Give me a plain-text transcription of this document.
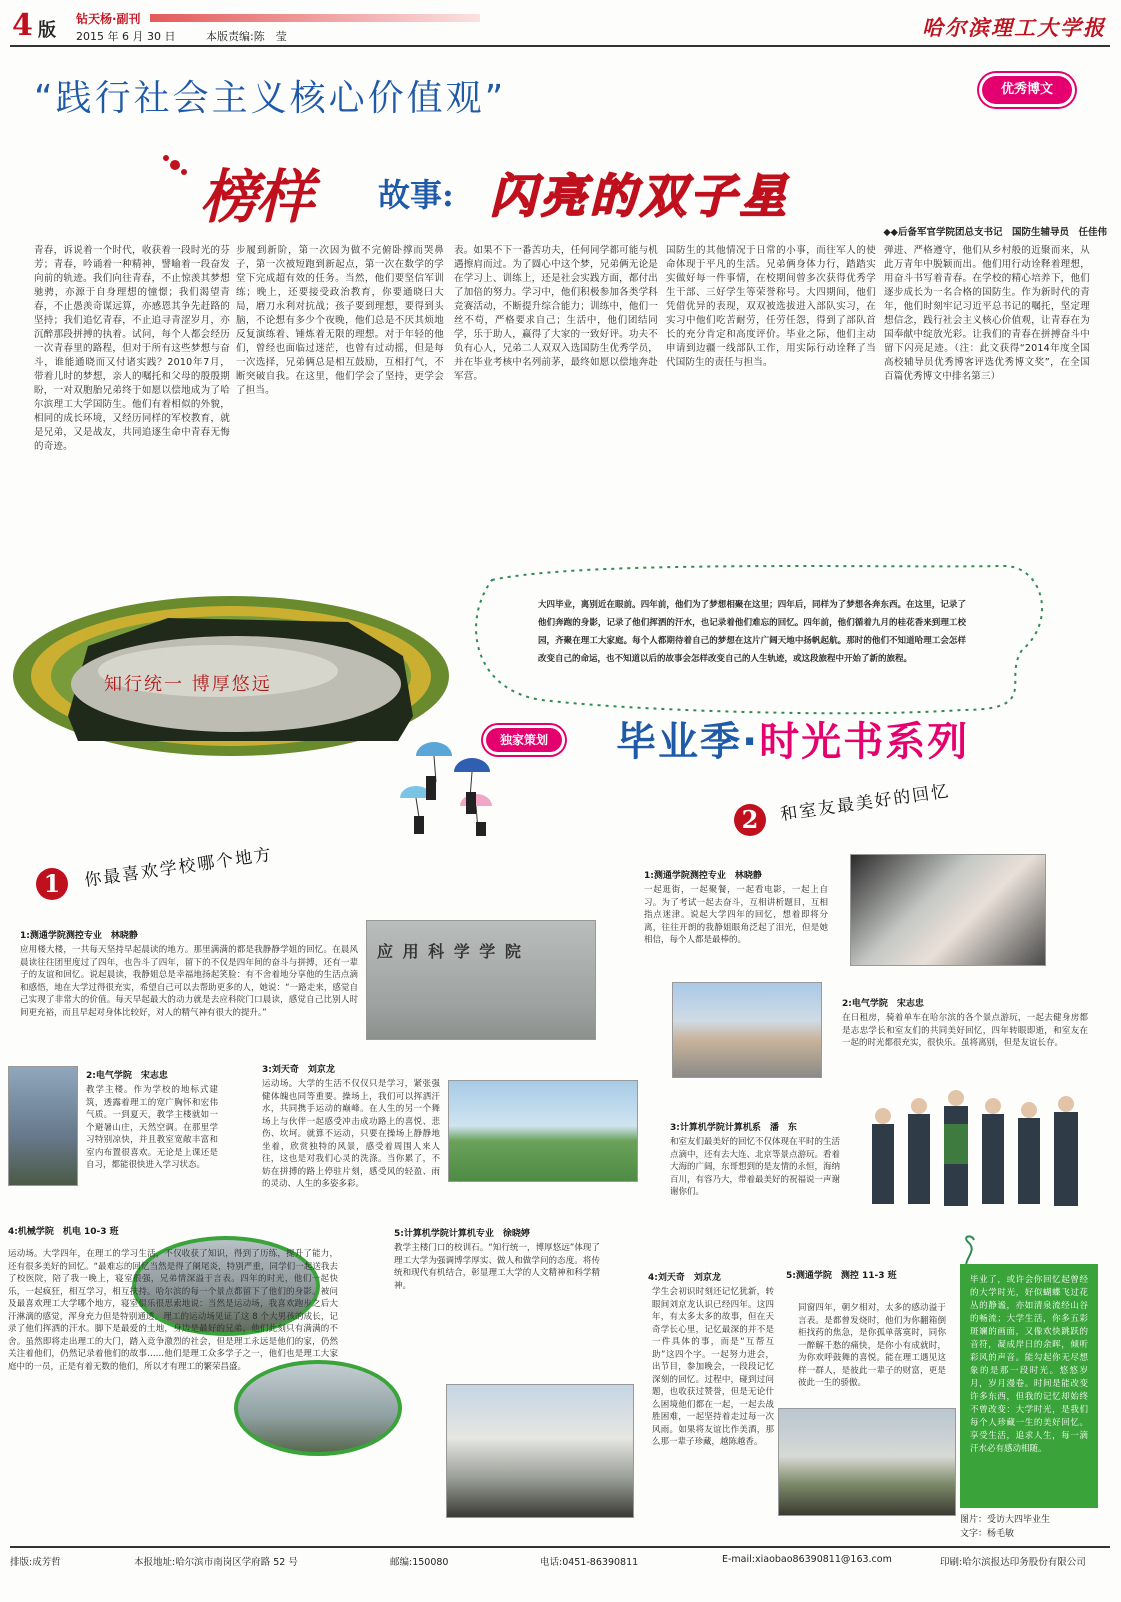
4 版
钻天杨·副刊
2015 年 6 月 30 日	本版责编:陈　莹	哈尔滨理工大学报
“践行社会主义核心价值观”	优秀博文
榜样 故事: 闪亮的双子星
◆◆后备军官学院团总支书记　国防生辅导员　任佳伟
青春，诉说着一个时代，收获着一段时光的芬芳；青春，吟诵着一种精神，譬喻着一段奋发向前的轨迹。我们向往青春，不止惊羡其梦想驰骋，亦源于自身理想的憧憬；我们渴望青春，不止愚羡奇谋远算，亦感恩其争先赶路的坚持；我们追忆青春，不止追寻青涩岁月，亦沉醉那段拼搏的执着。试问，每个人都会经历一次青春里的路程，但对于所有这些梦想与奋斗，谁能通晓而又付诸实践？2010年7月，带着儿时的梦想，亲人的嘱托和父母的殷殷期盼，一对双胞胎兄弟终于如愿以偿地成为了哈尔滨理工大学国防生。他们有着相似的外貌，相同的成长环境，又经历同样的军校教育，就是兄弟，又是战友，共同追逐生命中青春无悔的奇迹。
步履到新阶，第一次因为做不完俯卧撑而哭鼻子，第一次被短跑到新起点，第一次在数学的学堂下完成超有效的任务。当然，他们要坚信军训练；晚上，还要接受政治教育，你要通晓曰大局，磨刀永利对抗战；孩子要到理想，要得到头脑，不论想有多少个夜晚，他们总是不厌其烦地反复演练着、锤炼着无限的理想。对于年轻的他们，曾经也面临过迷茫，也曾有过动摇，但是每一次选择，兄弟俩总是相互鼓励，互相打气，不断突破自我。在这里，他们学会了坚持，更学会了担当。
表。如果不下一番苦功夫，任何同学都可能与机遇擦肩而过。为了圆心中这个梦，兄弟俩无论是在学习上、训练上，还是社会实践方面，都付出了加倍的努力。学习中，他们积极参加各类学科竞赛活动，不断提升综合能力；训练中，他们一丝不苟，严格要求自己；生活中，他们团结同学，乐于助人，赢得了大家的一致好评。功夫不负有心人，兄弟二人双双入选国防生优秀学员，并在毕业考核中名列前茅，最终如愿以偿地奔赴军营。
国防生的其他情况于日常的小事，而往军人的使命体现于平凡的生活。兄弟俩身体力行，踏踏实实做好每一件事情，在校期间曾多次获得优秀学生干部、三好学生等荣誉称号。大四期间，他们凭借优异的表现，双双被选拔进入部队实习，在实习中他们吃苦耐劳，任劳任怨，得到了部队首长的充分肯定和高度评价。毕业之际，他们主动申请到边疆一线部队工作，用实际行动诠释了当代国防生的责任与担当。
弹进、严格遵守，他们从乡村般的近聚而来，从此万青年中脱颖而出。他们用行动诠释着理想，用奋斗书写着青春。在学校的精心培养下，他们逐步成长为一名合格的国防生。作为新时代的青年，他们时刻牢记习近平总书记的嘱托，坚定理想信念，践行社会主义核心价值观，让青春在为国奉献中绽放光彩。让我们的青春在拼搏奋斗中留下闪亮足迹。（注：此文获得“2014年度全国高校辅导员优秀博客评选优秀博文奖”，在全国百篇优秀博文中排名第三）
知行统一 博厚悠远
大四毕业，离别近在眼前。四年前，他们为了梦想相聚在这里；四年后，同样为了梦想各奔东西。在这里，记录了他们奔跑的身影，记录了他们挥洒的汗水，也记录着他们难忘的回忆。四年前，他们循着九月的桂花香来到理工校园，齐聚在理工大家庭。每个人都期待着自己的梦想在这片广阔天地中扬帆起航。那时的他们不知道哈理工会怎样改变自己的命运，也不知道以后的故事会怎样改变自己的人生轨迹，或这段旅程中开始了新的旅程。
独家策划	毕业季·时光书系列
1	你最喜欢学校哪个地方
2	和室友最美好的回忆
1:测通学院测控专业　林晓静
应用楼大楼，一共每天坚持早起晨读的地方。那里满满的都是我静静学姐的回忆。在晨风晨读往往团里度过了四年，也告斗了四年，留下的不仅是四年间的奋斗与拼搏，还有一辈子的友谊和回忆。说起晨读，我静姐总是幸福地扬起笑脸：有不舍着地分享他的生活点滴和感悟，地在大学过得很充实，希望自己可以去帮助更多的人，她说：“一路走来，感觉自己实现了非常大的价值。每天早起最大的动力就是去应科院门口晨读，感觉自己比别人时间更充裕，而且早起对身体比较好，对人的精气神有很大的提升。”
应 用 科 学 学 院
2:电气学院　宋志忠
教学主楼。作为学校的地标式建筑，透露着理工的宽广胸怀和宏伟气质。一到夏天，教学主楼就如一个避暑山庄，天然空调。在那里学习特别凉快，并且教室宽敞丰富和室内布置很喜欢。无论是上课还是自习，都能很快进入学习状态。
3:刘天奇　刘京龙
运动场。大学的生活不仅仅只是学习，紧张强健体魄也同等重要。操场上，我们可以挥洒汗水，共同携手运动的巅峰。在人生的另一个舞场上与伙伴一起感受冲击成功路上的喜悦、悲伤、坎坷。就算不运动，只要在操场上静静地坐着，欣赏独特的风景，感受着周围人来人往，这也是对我们心灵的洗涤。当你累了，不妨在拼搏的路上停驻片刻，感受风的轻盈、雨的灵动、人生的多姿多彩。
4:机械学院　机电 10-3 班
运动场。大学四年，在理工的学习生活，不仅收获了知识，得到了历练，提升了能力，还有很多美好的回忆。“最难忘的回忆当然是得了阑尾炎，特别严重，同学们一起送我去了校医院，陪了我一晚上，寝室很强，兄弟情深溢于言表。四年的时光，他们一起快乐，一起疯狂，相互学习，相互扶持。哈尔滨的每一个景点都留下了他们的身影。被问及最喜欢理工大学哪个地方，寝室俱乐很思索地说：当然是运动场，我喜欢跑步之后大汗淋漓的感觉，浑身充力但是特别通透。理工的运动场见证了这 8 个大男孩的成长，记录了他们挥洒的汗水。脚下是最爱的土地，身边是最好的兄弟，他们此刻只有满满的不舍。虽然即将走出理工的大门，踏入竞争激烈的社会，但是理工永远是他们的家，仍然关注着他们，仍然记录着他们的故事……他们是理工众多学子之一，他们也是理工大家庭中的一员，正是有着无数的他们，所以才有理工的繁荣昌盛。
5:计算机学院计算机专业　徐晓婷
教学主楼门口的校训石。“知行统一，博厚悠远”体现了理工大学为强调博学厚实、做人和做学问的态度。将传统和现代有机结合，彰显理工大学的人文精神和科学精神。
1:测通学院测控专业　林晓静
一起逛街，一起聚餐，一起看电影，一起上自习。为了考试一起去奋斗，互相讲析题目，互相指点迷津。说起大学四年的回忆，想着即将分离，往往开朗的我静姐眼角泛起了泪光，但是她相信，每个人都是最棒的。
2:电气学院　宋志忠
在日租房，骑着单车在哈尔滨的各个景点游玩，一起去健身房都是志忠学长和室友们的共同美好回忆，四年转眼即逝，和室友在一起的时光都很充实，很快乐。虽将离别，但是友谊长存。
3:计算机学院计算机系　潘　东
和室友们最美好的回忆不仅体现在平时的生活点滴中，还有去大连、北京等景点游玩。看着大海的广阔，东哥想到的是友情的永恒，海纳百川，有容乃大，带着最美好的祝福说一声谢谢你们。
4:刘天奇　刘京龙
学生会初识时刻还记忆犹新，转眼间刘京龙认识已经四年。这四年，有太多太多的故事，但在天奇学长心里，记忆最深的并不是一件具体的事，而是“互帮互助”这四个字。一起努力进会，出节目，参加晚会，一段段记忆深刻的回忆。过程中，碰到过问题，也收获过赞誉，但是无论什么困境他们都在一起，一起去战胜困难，一起坚持着走过每一次风雨。如果将友谊比作美酒，那么那一辈子珍藏，越陈越香。
5:测通学院　测控 11-3 班
同窗四年，朝夕相对，太多的感动溢于言表。是都曾发烧时，他们为你翻箱倒柜找药的焦急，是你孤单落寞时，同你一醉解千愁的痛快，是你小有成就时，为你欢呼鼓舞的喜悦。能在理工遇见这样一群人，是彼此一辈子的财富，更是彼此一生的骄傲。
毕业了，或许会你回忆起曾经的大学时光，好似蝴蝶飞过花丛的静谧，亦如清泉流经山谷的畅流；大学生活，你多五彩斑斓的画面，又像欢快跳跃的音符，凝成岸日的余晖，倾听彩风的声音。能勾起你无尽想象的是那一段时光。悠悠岁月，岁月漫卷。时间是能改变许多东西，但我的记忆却始终不曾改变：大学时光，是我们每个人珍藏一生的美好回忆。享受生活，追求人生，每一滴汗水必有感动相随。
图片：受访大四毕业生
文字：杨毛敏
排版:成芳哲	本报地址:哈尔滨市南岗区学府路 52 号	邮编:150080	电话:0451-86390811	E-mail:xiaobao86390811@163.com	印刷:哈尔滨报达印务股份有限公司
